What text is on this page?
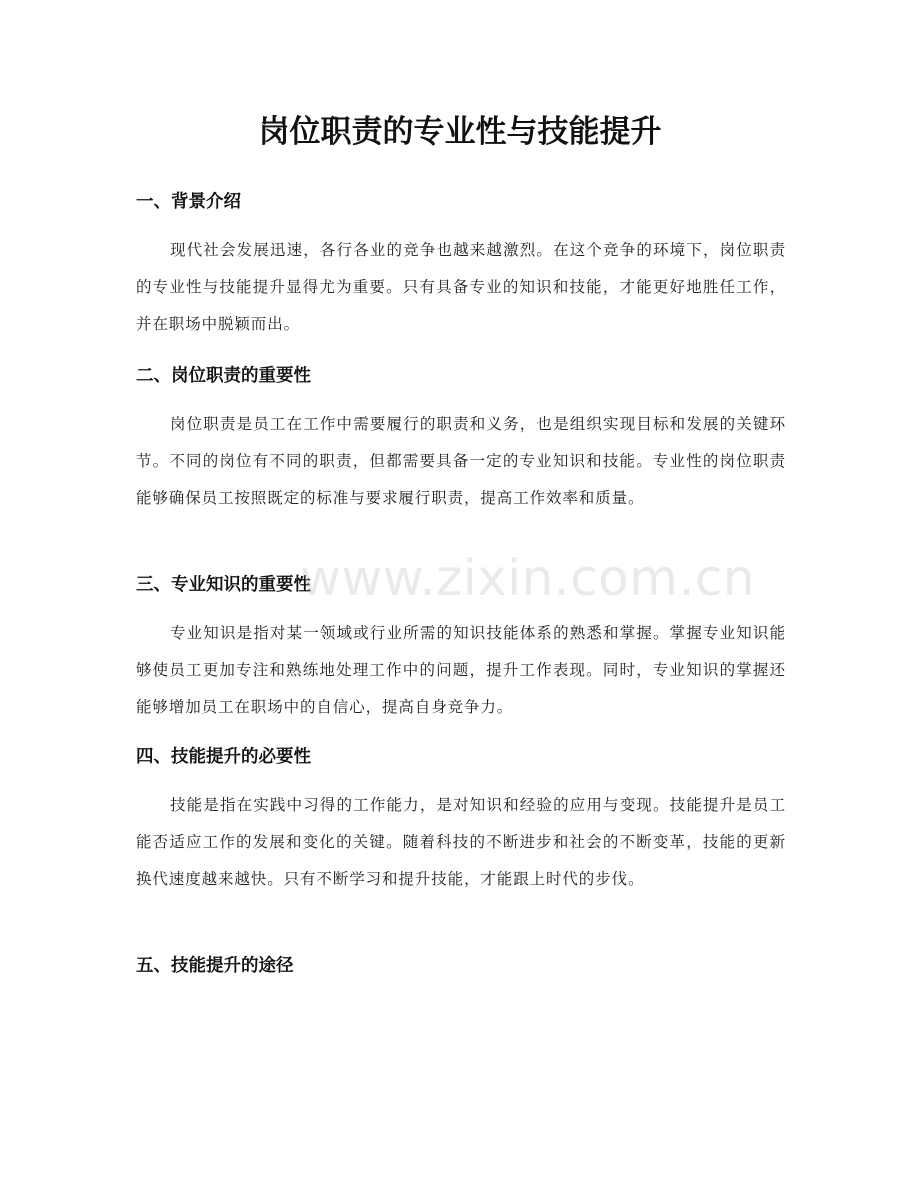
岗位职责的专业性与技能提升
一、背景介绍

现代社会发展迅速，各行各业的竞争也越来越激烈。在这个竞争的环境下，岗位职责的专业性与技能提升显得尤为重要。只有具备专业的知识和技能，才能更好地胜任工作，并在职场中脱颖而出。

二、岗位职责的重要性

岗位职责是员工在工作中需要履行的职责和义务，也是组织实现目标和发展的关键环节。不同的岗位有不同的职责，但都需要具备一定的专业知识和技能。专业性的岗位职责能够确保员工按照既定的标准与要求履行职责，提高工作效率和质量。

三、专业知识的重要性

专业知识是指对某一领域或行业所需的知识技能体系的熟悉和掌握。掌握专业知识能够使员工更加专注和熟练地处理工作中的问题，提升工作表现。同时，专业知识的掌握还能够增加员工在职场中的自信心，提高自身竞争力。

四、技能提升的必要性

技能是指在实践中习得的工作能力，是对知识和经验的应用与变现。技能提升是员工能否适应工作的发展和变化的关键。随着科技的不断进步和社会的不断变革，技能的更新换代速度越来越快。只有不断学习和提升技能，才能跟上时代的步伐。

五、技能提升的途径
www.zixin.com.cn
